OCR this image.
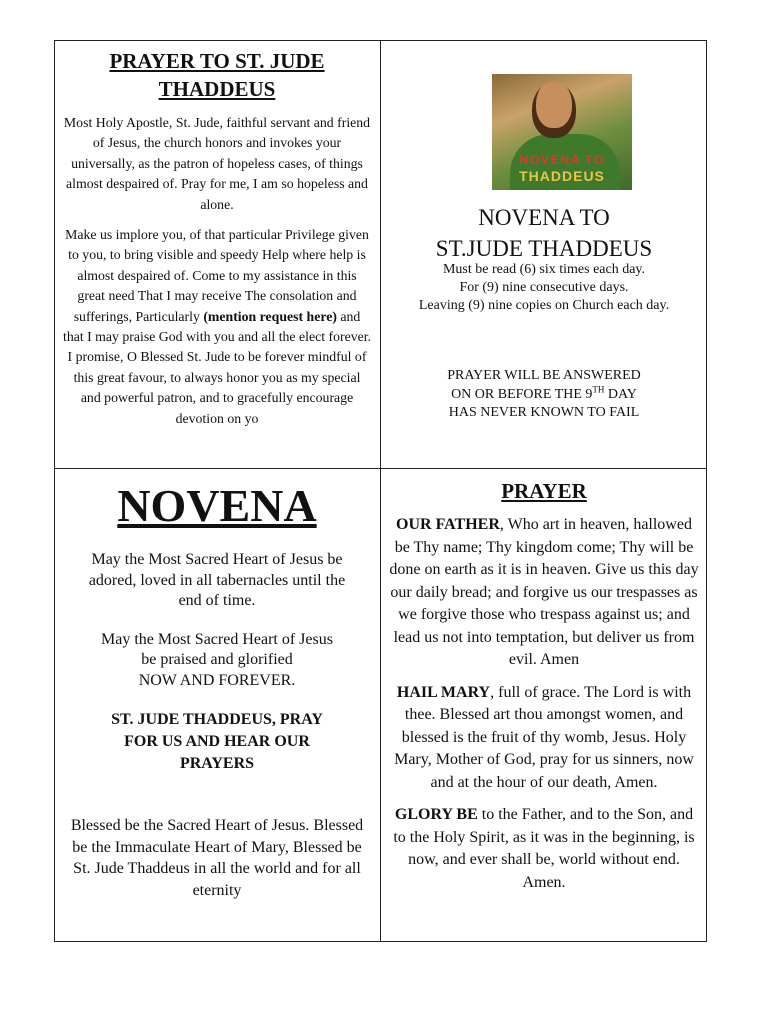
PRAYER TO ST. JUDE THADDEUS

Most Holy Apostle, St. Jude, faithful servant and friend of Jesus, the church honors and invokes your universally, as the patron of hopeless cases, of things almost despaired of. Pray for me, I am so hopeless and alone.

Make us implore you, of that particular Privilege given to you, to bring visible and speedy Help where help is almost despaired of. Come to my assistance in this great need That I may receive The consolation and sufferings, Particularly (mention request here) and that I may praise God with you and all the elect forever. I promise, O Blessed St. Jude to be forever mindful of this great favour, to always honor you as my special and powerful patron, and to gracefully encourage devotion on yo

NOVENA TO
THADDEUS
NOVENA TO
ST.JUDE THADDEUS
Must be read (6) six times each day.
For (9) nine consecutive days.
Leaving (9) nine copies on Church each day.
PRAYER WILL BE ANSWERED
ON OR BEFORE THE 9TH DAY
HAS NEVER KNOWN TO FAIL
NOVENA

May the Most Sacred Heart of Jesus be adored, loved in all tabernacles until the end of time.

May the Most Sacred Heart of Jesus be praised and glorified
NOW AND FOREVER.

ST. JUDE THADDEUS, PRAY FOR US AND HEAR OUR PRAYERS

Blessed be the Sacred Heart of Jesus. Blessed be the Immaculate Heart of Mary, Blessed be St. Jude Thaddeus in all the world and for all eternity

PRAYER

OUR FATHER, Who art in heaven, hallowed be Thy name; Thy kingdom come; Thy will be done on earth as it is in heaven. Give us this day our daily bread; and forgive us our trespasses as we forgive those who trespass against us; and lead us not into temptation, but deliver us from evil. Amen

HAIL MARY, full of grace. The Lord is with thee. Blessed art thou amongst women, and blessed is the fruit of thy womb, Jesus. Holy Mary, Mother of God, pray for us sinners, now and at the hour of our death, Amen.

GLORY BE to the Father, and to the Son, and to the Holy Spirit, as it was in the beginning, is now, and ever shall be, world without end. Amen.
